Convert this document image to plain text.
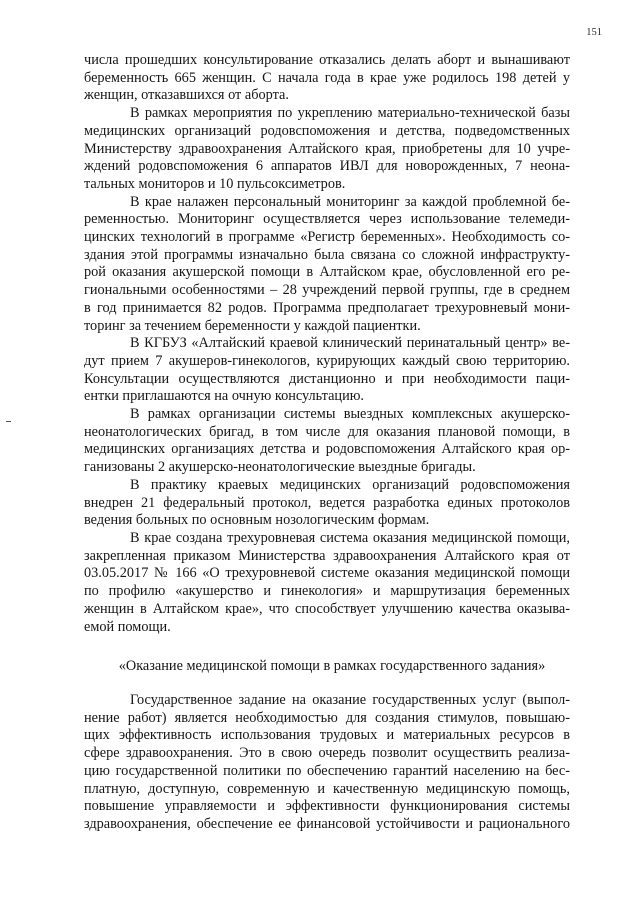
151

числа прошедших консультирование отказались делать аборт и вынашивают
беременность 665 женщин. С начала года в крае уже родилось 198 детей у
женщин, отказавшихся от аборта.

В рамках мероприятия по укреплению материально-технической базы
медицинских организаций родовспоможения и детства, подведомственных
Министерству здравоохранения Алтайского края, приобретены для 10 учре-
ждений родовспоможения 6 аппаратов ИВЛ для новорожденных, 7 неона-
тальных мониторов и 10 пульсоксиметров.

В крае налажен персональный мониторинг за каждой проблемной бе-
ременностью. Мониторинг осуществляется через использование телемеди-
цинских технологий в программе «Регистр беременных». Необходимость со-
здания этой программы изначально была связана со сложной инфраструкту-
рой оказания акушерской помощи в Алтайском крае, обусловленной его ре-
гиональными особенностями – 28 учреждений первой группы, где в среднем
в год принимается 82 родов. Программа предполагает трехуровневый мони-
торинг за течением беременности у каждой пациентки.

В КГБУЗ «Алтайский краевой клинический перинатальный центр» ве-
дут прием 7 акушеров-гинекологов, курирующих каждый свою территорию.
Консультации осуществляются дистанционно и при необходимости паци-
ентки приглашаются на очную консультацию.

В рамках организации системы выездных комплексных акушерско-
неонатологических бригад, в том числе для оказания плановой помощи, в
медицинских организациях детства и родовспоможения Алтайского края ор-
ганизованы 2 акушерско-неонатологические выездные бригады.

В практику краевых медицинских организаций родовспоможения
внедрен 21 федеральный протокол, ведется разработка единых протоколов
ведения больных по основным нозологическим формам.

В крае создана трехуровневая система оказания медицинской помощи,
закрепленная приказом Министерства здравоохранения Алтайского края от
03.05.2017 № 166 «О трехуровневой системе оказания медицинской помощи
по профилю «акушерство и гинекология» и маршрутизация беременных
женщин в Алтайском крае», что способствует улучшению качества оказыва-
емой помощи.

«Оказание медицинской помощи в рамках государственного задания»

Государственное задание на оказание государственных услуг (выпол-
нение работ) является необходимостью для создания стимулов, повышаю-
щих эффективность использования трудовых и материальных ресурсов в
сфере здравоохранения. Это в свою очередь позволит осуществить реализа-
цию государственной политики по обеспечению гарантий населению на бес-
платную, доступную, современную и качественную медицинскую помощь,
повышение управляемости и эффективности функционирования системы
здравоохранения, обеспечение ее финансовой устойчивости и рационального
